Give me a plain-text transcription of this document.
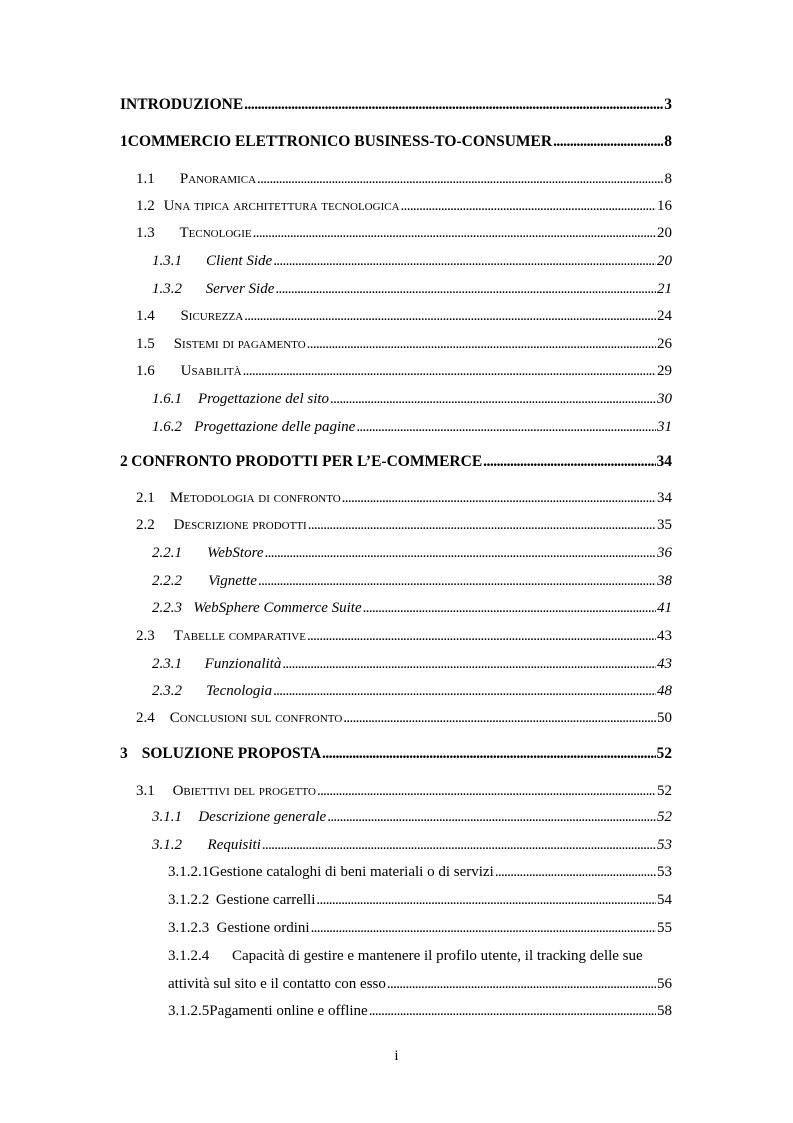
INTRODUZIONE . . .	3
1 COMMERCIO ELETTRONICO BUSINESS-TO-CONSUMER . . .	8
1.1	Panoramica . . .	8
1.2 Una tipica architettura tecnologica . . .	16
1.3	Tecnologie . . .	20
1.3.1	Client Side . . .	20
1.3.2	Server Side . . .	21
1.4	Sicurezza . . .	24
1.5	Sistemi di pagamento . . .	26
1.6	Usabilità . . .	29
1.6.1	Progettazione del sito . . .	30
1.6.2 Progettazione delle pagine . . .	31
2 CONFRONTO PRODOTTI PER L’E-COMMERCE . . .	34
2.1	Metodologia di confronto . . .	34
2.2	Descrizione prodotti . . .	35
2.2.1	WebStore . . .	36
2.2.2	Vignette . . .	38
2.2.3 WebSphere Commerce Suite . . .	41
2.3	Tabelle comparative . . .	43
2.3.1	Funzionalità . . .	43
2.3.2	Tecnologia . . .	48
2.4 Conclusioni sul confronto . . .	50
3 SOLUZIONE PROPOSTA . . .	52
3.1	Obiettivi del progetto . . .	52
3.1.1	Descrizione generale . . .	52
3.1.2	Requisiti . . .	53
3.1.2.1 Gestione cataloghi di beni materiali o di servizi . . .	53
3.1.2.2 Gestione carrelli . . .	54
3.1.2.3 Gestione ordini . . .	55
3.1.2.4	Capacità di gestire e mantenere il profilo utente, il tracking delle sue
attività sul sito e il contatto con esso . . .	56
3.1.2.5 Pagamenti online e offline . . .	58
i
